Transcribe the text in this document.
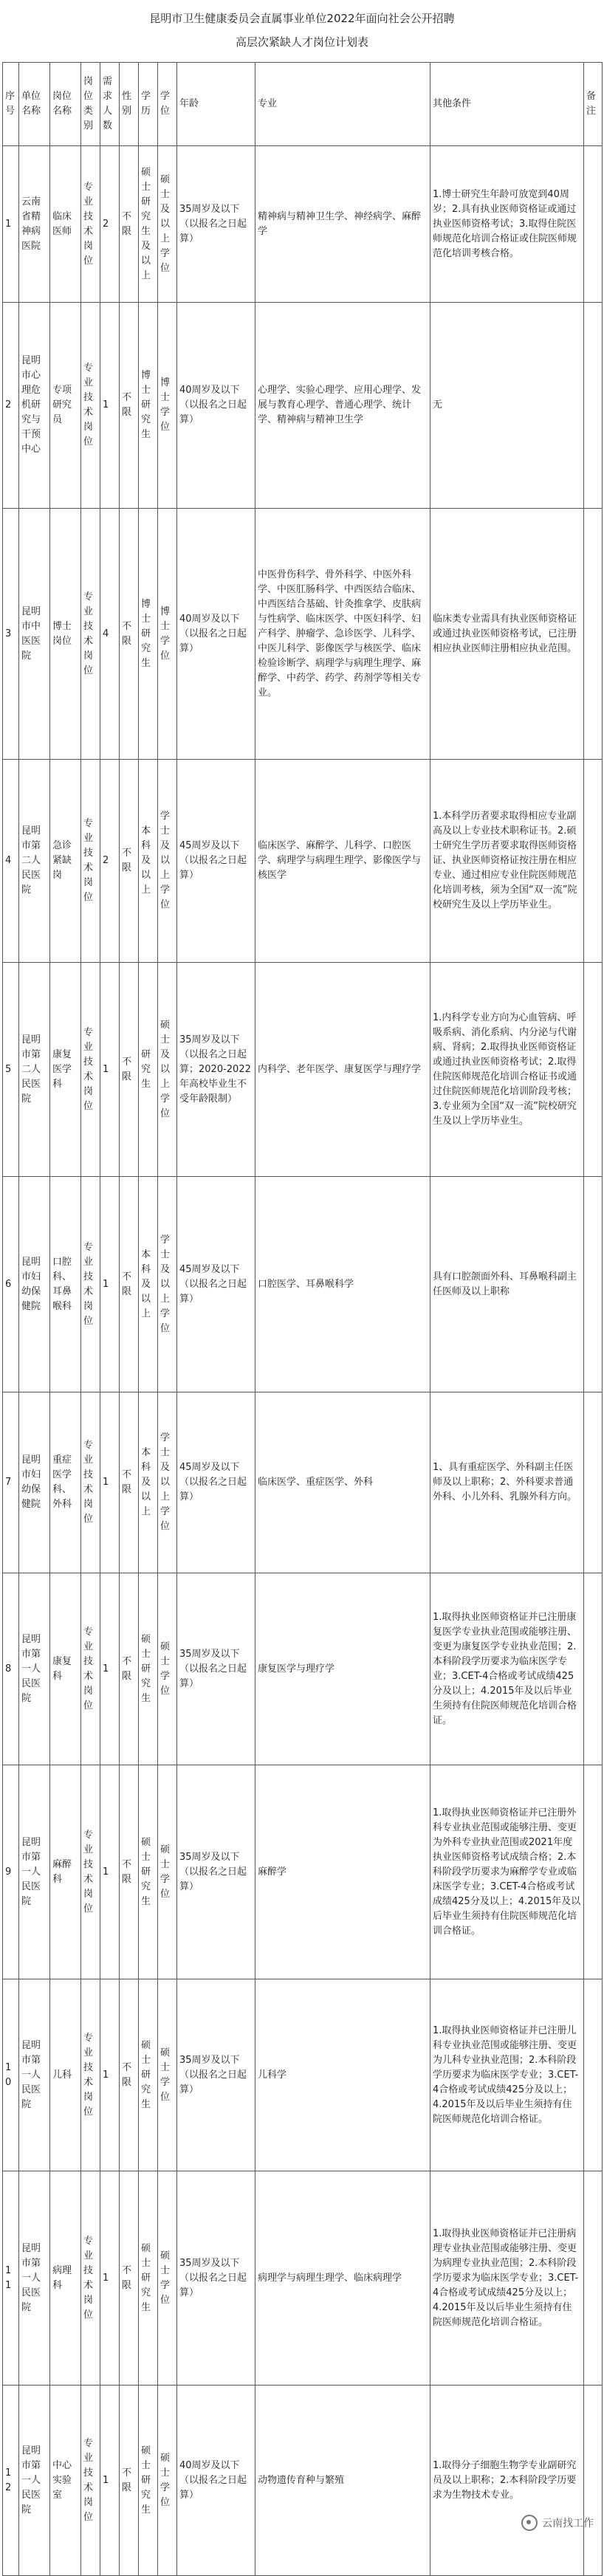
昆明市卫生健康委员会直属事业单位2022年面向社会公开招聘
高层次紧缺人才岗位计划表
序号	单位名称	岗位名称	岗位类别	需求人数	性别	学历	学位	年龄	专业	其他条件	备注
1	云南省精神病医院	临床医师	专业技术岗位	2	不限	硕士研究生及以上	硕士及以上学位	35周岁及以下（以报名之日起算）	精神病与精神卫生学、神经病学、麻醉学	1.博士研究生年龄可放宽到40周岁；2.具有执业医师资格证或通过执业医师资格考试；3.取得住院医师规范化培训合格证或住院医师规范化培训考核合格。	
2	昆明市心理危机研究与干预中心	专项研究员	专业技术岗位	1	不限	博士研究生	博士学位	40周岁及以下（以报名之日起算）	心理学、实验心理学、应用心理学、发展与教育心理学、普通心理学、统计学、精神病与精神卫生学	无	
3	昆明市中医医院	博士岗位	专业技术岗位	4	不限	博士研究生	博士学位	40周岁及以下（以报名之日起算）	中医骨伤科学、骨外科学、中医外科学、中医肛肠科学、中西医结合临床、中西医结合基础、针灸推拿学、皮肤病与性病学、临床医学、中医妇科学、妇产科学、肿瘤学、急诊医学、儿科学、中医儿科学、影像医学与核医学、临床检验诊断学、病理学与病理生理学、麻醉学、中药学、药学、药剂学等相关专业。	临床类专业需具有执业医师资格证或通过执业医师资格考试，已注册相应执业医师注册相应执业范围。	
4	昆明市第二人民医院	急诊紧缺岗	专业技术岗位	2	不限	本科及以上	学士及以上学位	45周岁及以下（以报名之日起算）	临床医学、麻醉学、儿科学、口腔医学、病理学与病理生理学、影像医学与核医学	1.本科学历者要求取得相应专业副高及以上专业技术职称证书。2.硕士研究生学历者要求取得医师资格证、执业医师资格证按注册在相应专业、通过相应专业住院医师规范化培训考核，须为全国“双一流”院校研究生及以上学历毕业生。	
5	昆明市第二人民医院	康复医学科	专业技术岗位	1	不限	研究生	硕士及以上学位	35周岁及以下（以报名之日起算；2020-2022年高校毕业生不受年龄限制）	内科学、老年医学、康复医学与理疗学	1.内科学专业方向为心血管病、呼吸系病、消化系病、内分泌与代谢病、肾病；2.取得执业医师资格证或通过执业医师资格考试；2.取得住院医师规范化培训合格证书或通过住院医师规范化培训阶段考核；3.专业须为全国“双一流”院校研究生及以上学历毕业生。	
6	昆明市妇幼保健院	口腔科、耳鼻喉科	专业技术岗位	1	不限	本科及以上	学士及以上学位	45周岁及以下（以报名之日起算）	口腔医学、耳鼻喉科学	具有口腔颌面外科、耳鼻喉科副主任医师及以上职称	
7	昆明市妇幼保健院	重症医学科、外科	专业技术岗位	1	不限	本科及以上	学士及以上学位	45周岁及以下（以报名之日起算）	临床医学、重症医学、外科	1、具有重症医学、外科副主任医师及以上职称；2、外科要求普通外科、小儿外科、乳腺外科方向。	
8	昆明市第一人民医院	康复科	专业技术岗位	1	不限	硕士研究生	硕士学位	35周岁及以下（以报名之日起算）	康复医学与理疗学	1.取得执业医师资格证并已注册康复医学专业执业范围或能够注册、变更为康复医学专业执业范围；2.本科阶段学历要求为临床医学专业；3.CET-4合格或考试成绩425分及以上；4.2015年及以后毕业生须持有住院医师规范化培训合格证。	
9	昆明市第一人民医院	麻醉科	专业技术岗位	1	不限	硕士研究生	硕士学位	35周岁及以下（以报名之日起算）	麻醉学	1.取得执业医师资格证并已注册外科专业执业范围或能够注册、变更为外科专业执业范围或2021年度执业医师资格考试成绩合格；2.本科阶段学历要求为麻醉学专业或临床医学专业；3.CET-4合格或考试成绩425分及以上；4.2015年及以后毕业生须持有住院医师规范化培训合格证。	
10	昆明市第一人民医院	儿科	专业技术岗位	1	不限	硕士研究生	硕士学位	35周岁及以下（以报名之日起算）	儿科学	1.取得执业医师资格证并已注册儿科专业执业范围或能够注册、变更为儿科专业执业范围；2.本科阶段学历要求为临床医学专业；3.CET-4合格或考试成绩425分及以上；4.2015年及以后毕业生须持有住院医师规范化培训合格证。	
11	昆明市第一人民医院	病理科	专业技术岗位	1	不限	硕士研究生	硕士学位	35周岁及以下（以报名之日起算）	病理学与病理生理学、临床病理学	1.取得执业医师资格证并已注册病理专业执业范围或能够注册、变更为病理专业执业范围；2.本科阶段学历要求为临床医学专业；3.CET-4合格或考试成绩425分及以上；4.2015年及以后毕业生须持有住院医师规范化培训合格证。	
12	昆明市第一人民医院	中心实验室	专业技术岗位	1	不限	硕士研究生	硕士学位	40周岁及以下（以报名之日起算）	动物遗传育种与繁殖	1.取得分子细胞生物学专业副研究员及以上职称；2.本科阶段学历要求为生物技术专业。	
云南找工作
